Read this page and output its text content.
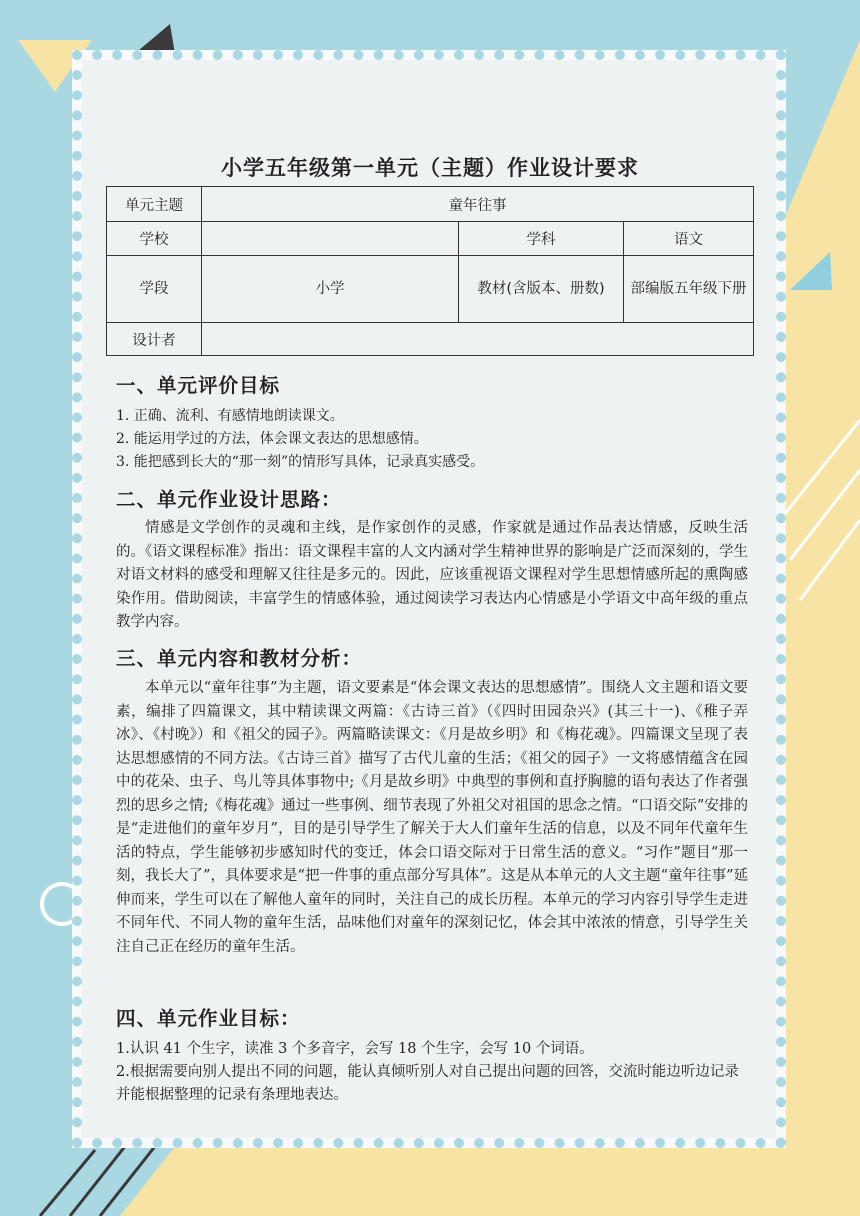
小学五年级第一单元（主题）作业设计要求
单元主题	童年往事		
学校		学科	语文
学段	小学	教材(含版本、册数)	部编版五年级下册
设计者			
一、单元评价目标
1. 正确、流利、有感情地朗读课文。
2. 能运用学过的方法，体会课文表达的思想感情。
3. 能把感到长大的“那一刻”的情形写具体，记录真实感受。
二、单元作业设计思路：
情感是文学创作的灵魂和主线，是作家创作的灵感，作家就是通过作品表达情感，反映生活的。《语文课程标准》指出：语文课程丰富的人文内涵对学生精神世界的影响是广泛而深刻的，学生对语文材料的感受和理解又往往是多元的。因此，应该重视语文课程对学生思想情感所起的熏陶感染作用。借助阅读，丰富学生的情感体验，通过阅读学习表达内心情感是小学语文中高年级的重点教学内容。
三、单元内容和教材分析：
本单元以“童年往事”为主题，语文要素是“体会课文表达的思想感情”。围绕人文主题和语文要素，编排了四篇课文，其中精读课文两篇：《古诗三首》（《四时田园杂兴》(其三十一)、《稚子弄冰》、《村晚》）和《祖父的园子》。两篇略读课文：《月是故乡明》和《梅花魂》。四篇课文呈现了表达思想感情的不同方法。《古诗三首》描写了古代儿童的生活；《祖父的园子》一文将感情蕴含在园中的花朵、虫子、鸟儿等具体事物中;《月是故乡明》中典型的事例和直抒胸臆的语句表达了作者强烈的思乡之情;《梅花魂》通过一些事例、细节表现了外祖父对祖国的思念之情。“口语交际”安排的是“走进他们的童年岁月”，目的是引导学生了解关于大人们童年生活的信息，以及不同年代童年生活的特点，学生能够初步感知时代的变迁，体会口语交际对于日常生活的意义。“习作”题目“那一刻，我长大了”，具体要求是“把一件事的重点部分写具体”。这是从本单元的人文主题“童年往事”延伸而来，学生可以在了解他人童年的同时，关注自己的成长历程。本单元的学习内容引导学生走进不同年代、不同人物的童年生活，品味他们对童年的深刻记忆，体会其中浓浓的情意，引导学生关注自己正在经历的童年生活。
四、单元作业目标：
1.认识 41 个生字，读准 3 个多音字，会写 18 个生字，会写 10 个词语。
2.根据需要向别人提出不同的问题，能认真倾听别人对自己提出问题的回答，交流时能边听边记录并能根据整理的记录有条理地表达。
